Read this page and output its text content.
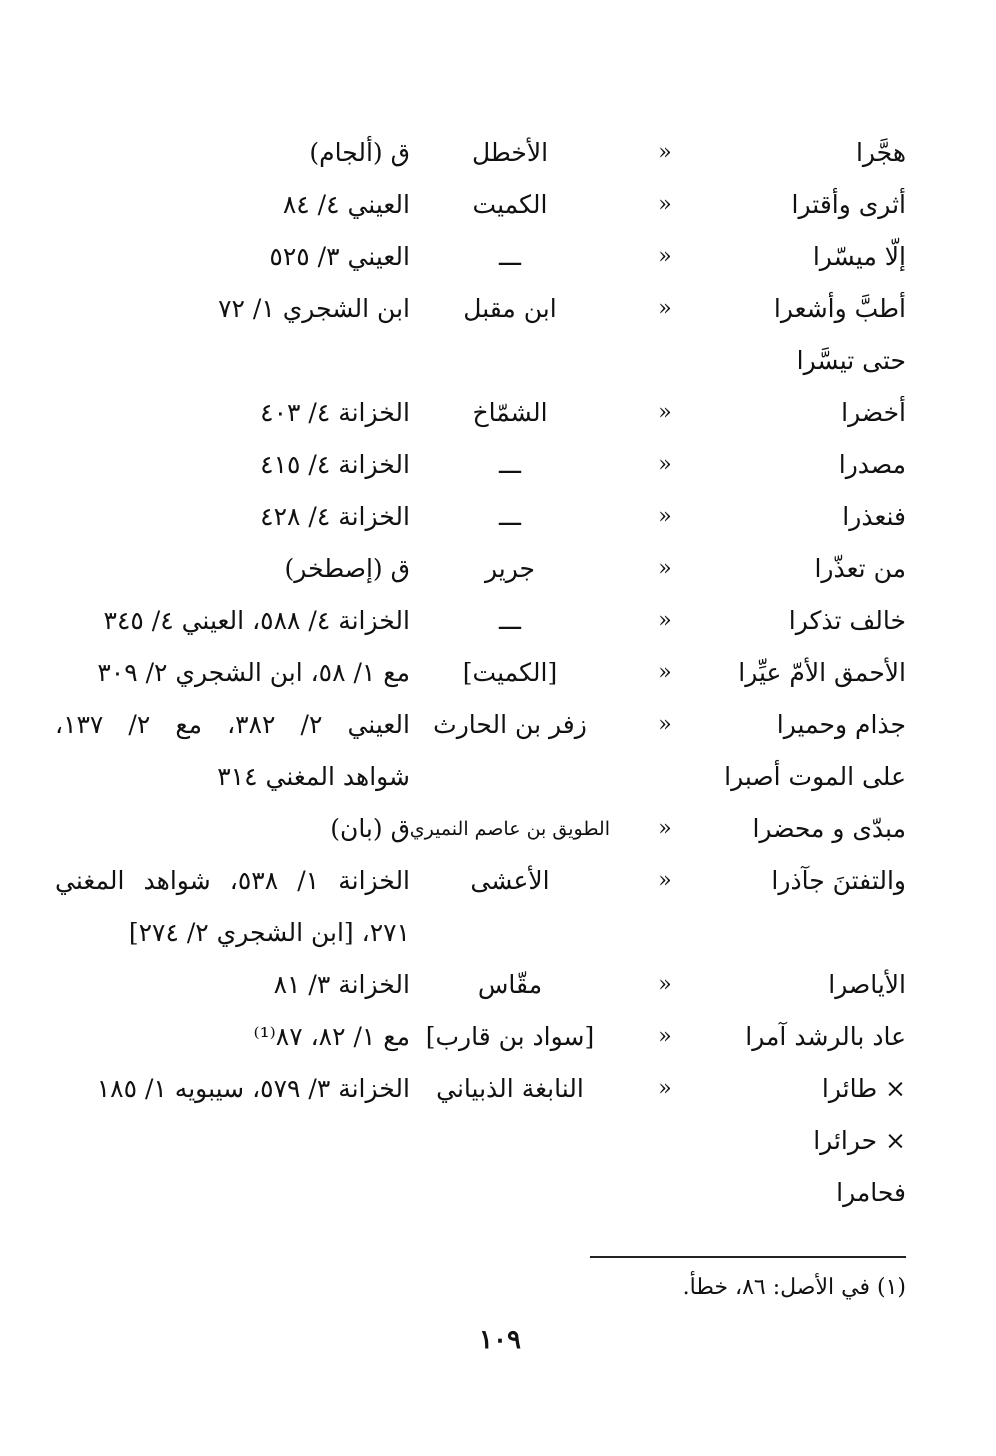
هجَّرا
«
الأخطل
ق (ألجام)
أثرى وأقترا
«
الكميت
العيني ٤/ ٨٤
إلّا ميسّرا
«
ـــ
العيني ٣/ ٥٢٥
أطبَّ وأشعرا
«
ابن مقبل
ابن الشجري ١/ ٧٢
حتى تيسَّرا
أخضرا
«
الشمّاخ
الخزانة ٤/ ٤٠٣
مصدرا
«
ـــ
الخزانة ٤/ ٤١٥
فنعذرا
«
ـــ
الخزانة ٤/ ٤٢٨
من تعذّرا
«
جرير
ق (إصطخر)
خالف تذكرا
«
ـــ
الخزانة ٤/ ٥٨٨، العيني ٤/ ٣٤٥
الأحمق الأمّ عيِّرا
«
[الكميت]
مع ١/ ٥٨، ابن الشجري ٢/ ٣٠٩
جذام وحميرا
«
زفر بن الحارث
العيني ٢/ ٣٨٢، مع ٢/ ١٣٧،
على الموت أصبرا
شواهد المغني ٣١٤
مبدّى و محضرا
«
الطويق بن عاصم النميري
ق (بان)
والتفتنَ جآذرا
«
الأعشى
الخزانة ١/ ٥٣٨، شواهد المغني
٢٧١، [ابن الشجري ٢/ ٢٧٤]
الأياصرا
«
مقّاس
الخزانة ٣/ ٨١
عاد بالرشد آمرا
«
[سواد بن قارب]
مع ١/ ٨٢، ٨٧⁽¹⁾
× طائرا
«
النابغة الذبياني
الخزانة ٣/ ٥٧٩، سيبويه ١/ ١٨٥
× حرائرا
فحامرا
(١) في الأصل: ٨٦، خطأ.
١٠٩
